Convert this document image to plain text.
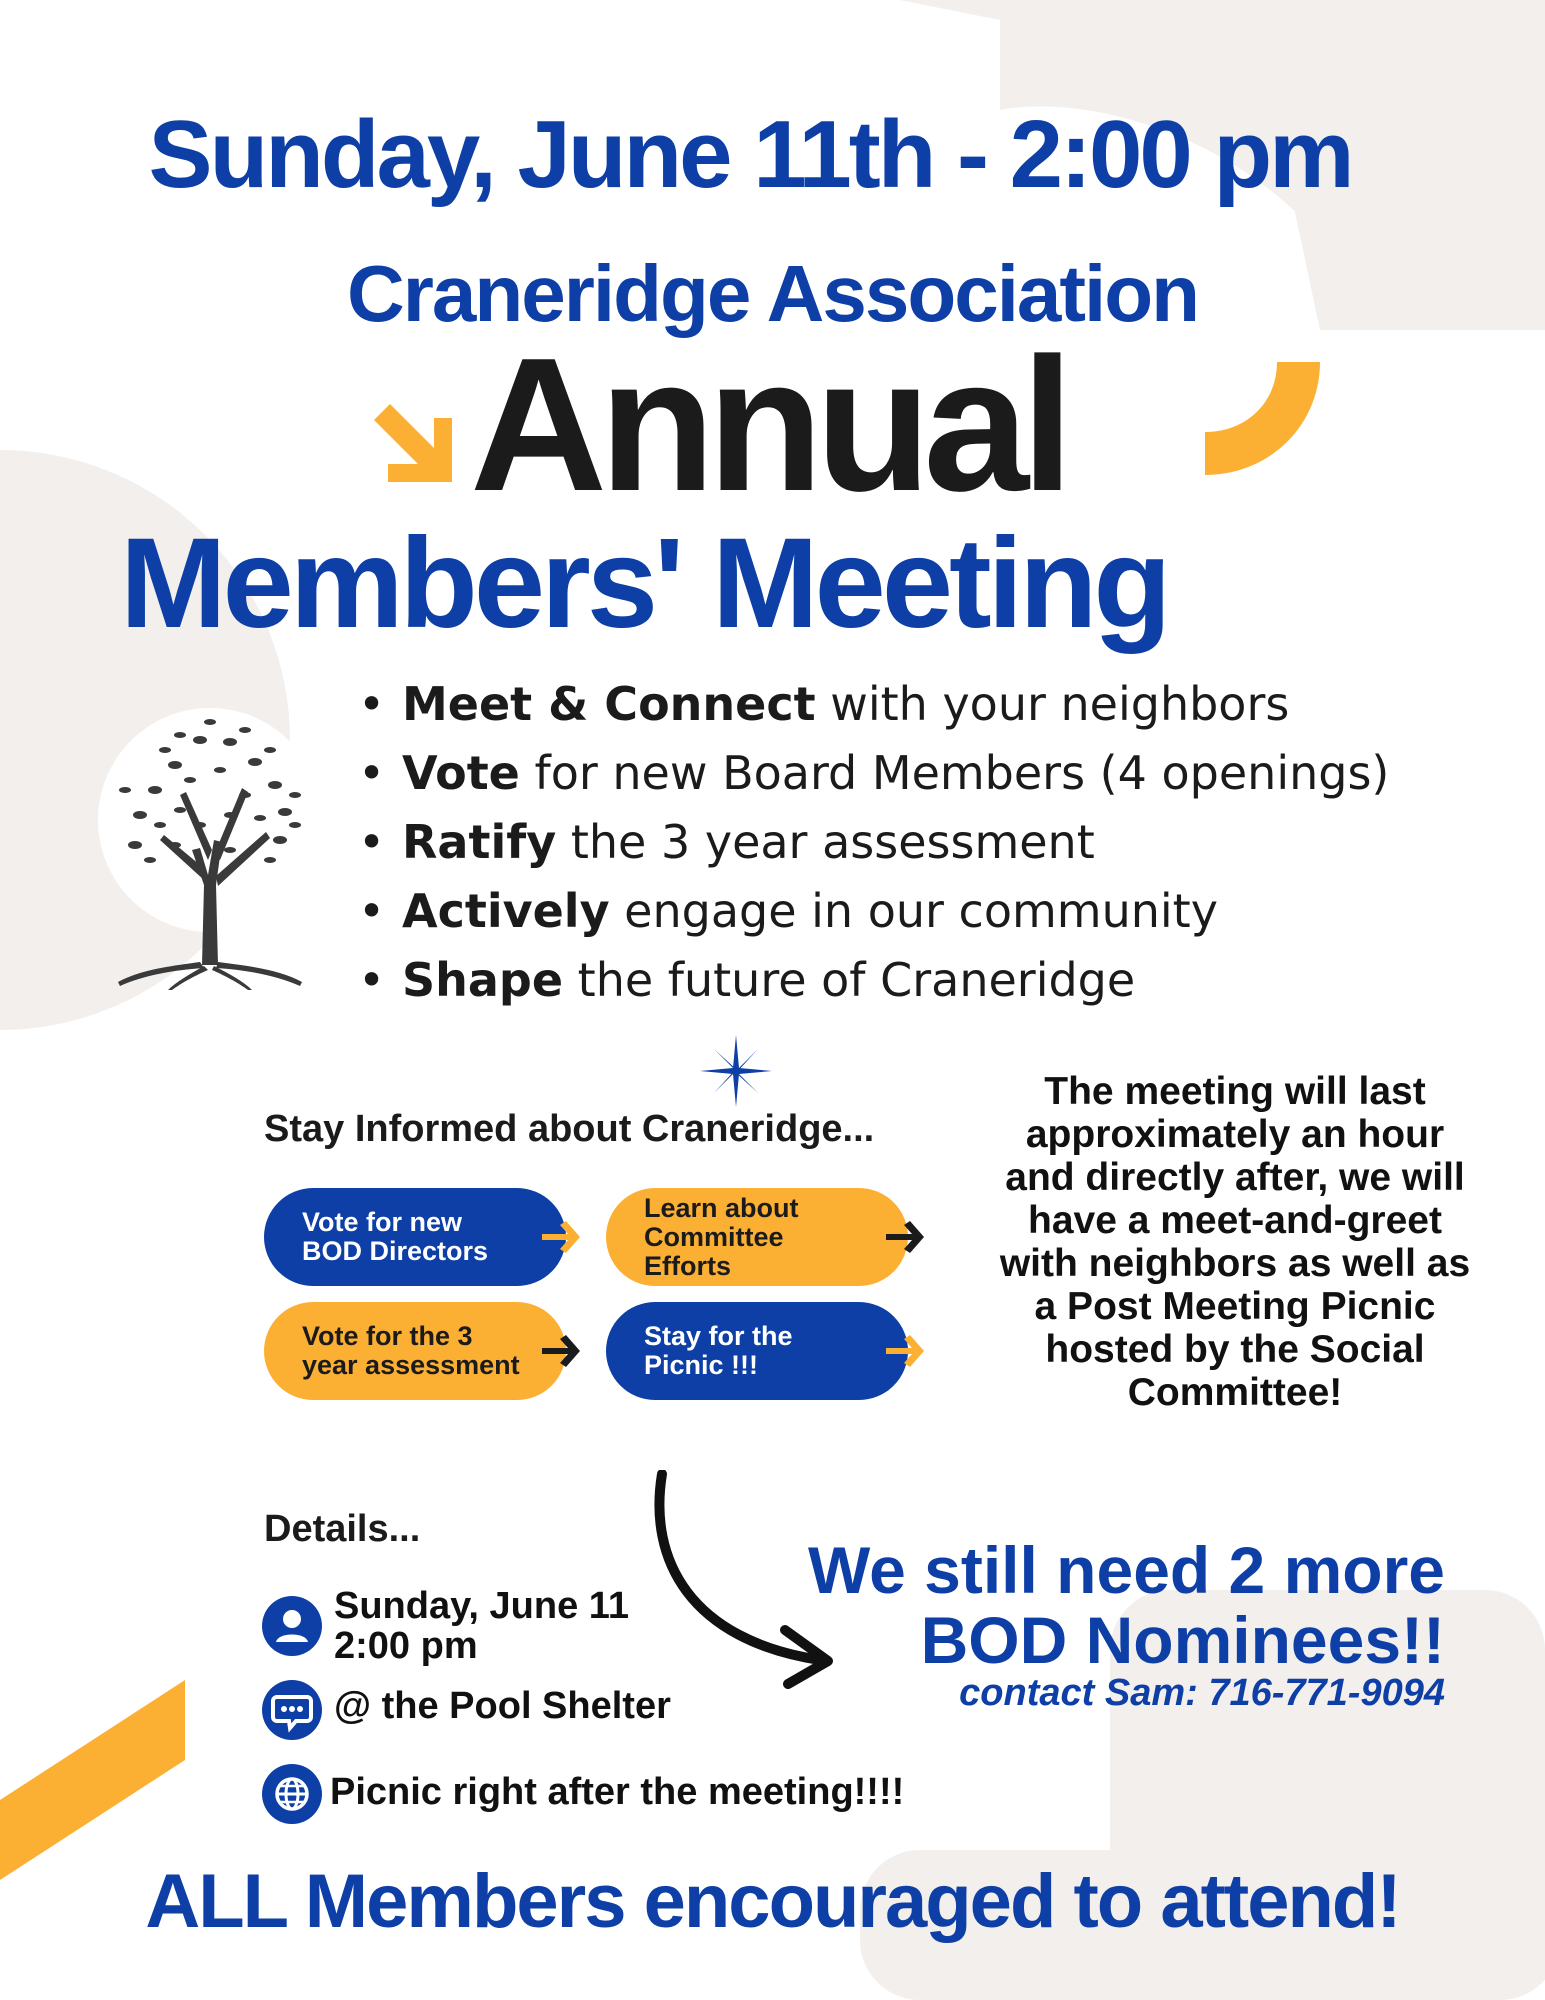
Sunday, June 11th - 2:00 pm
Craneridge Association
Annual
Members' Meeting
• Meet & Connect with your neighbors
• Vote for new Board Members (4 openings)
• Ratify the 3 year assessment
• Actively engage in our community
• Shape the future of Craneridge
Stay Informed about Craneridge...
Vote for new
BOD Directors
Learn about
Committee
Efforts
Vote for the 3
year assessment
Stay for the
Picnic !!!
The meeting will last approximately an hour and directly after, we will have a meet-and-greet with neighbors as well as a Post Meeting Picnic hosted by the Social Committee!
Details...
Sunday, June 11
2:00 pm
@ the Pool Shelter
Picnic right after the meeting!!!!
We still need 2 more
BOD Nominees!!
contact Sam: 716-771-9094
ALL Members encouraged to attend!
